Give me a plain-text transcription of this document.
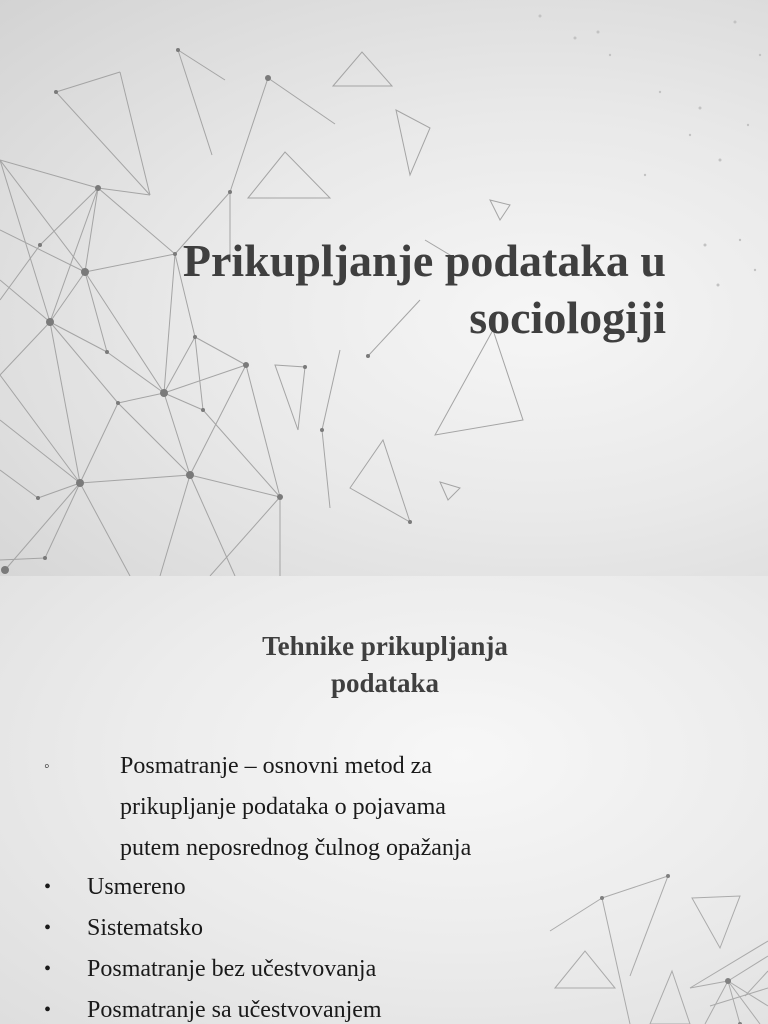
Prikupljanje podataka u
sociologiji
Tehnike prikupljanja
podataka
◦	Posmatranje – osnovni metod za
prikupljanje podataka o pojavama
putem neposrednog čulnog opažanja
• Usmereno
• Sistematsko
• Posmatranje bez učestvovanja
• Posmatranje sa učestvovanjem
